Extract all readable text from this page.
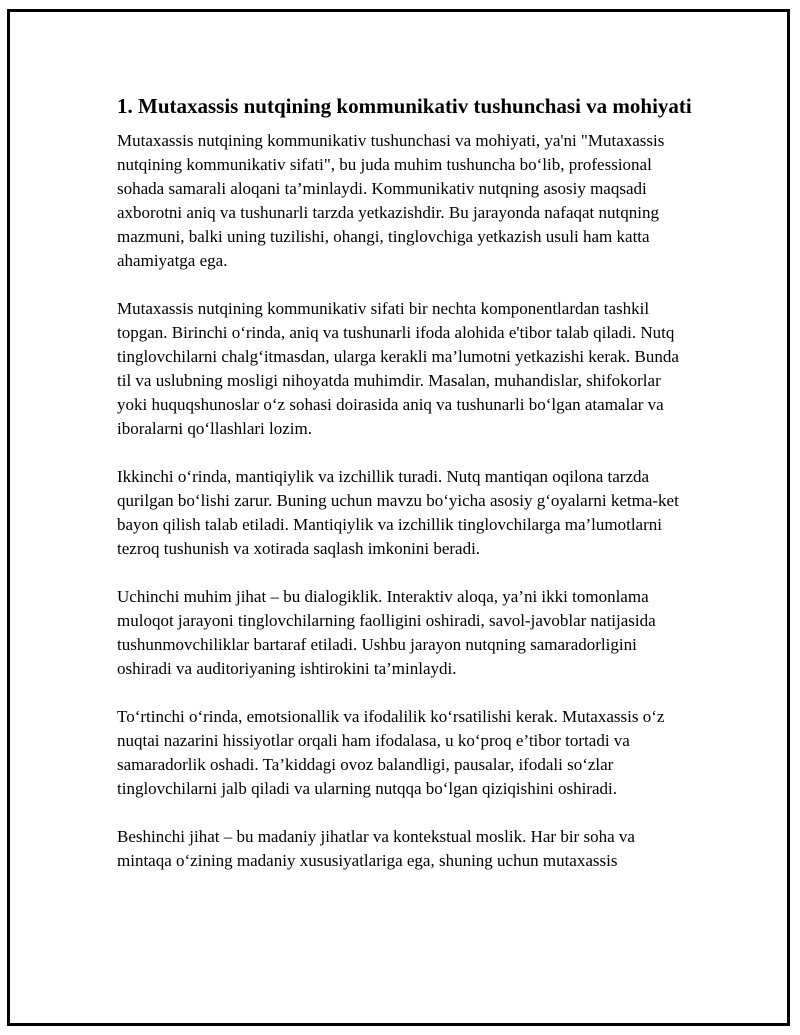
1. Mutaxassis nutqining kommunikativ tushunchasi va mohiyati

Mutaxassis nutqining kommunikativ tushunchasi va mohiyati, ya'ni "Mutaxassis nutqining kommunikativ sifati", bu juda muhim tushuncha bo‘lib, professional sohada samarali aloqani ta’minlaydi. Kommunikativ nutqning asosiy maqsadi axborotni aniq va tushunarli tarzda yetkazishdir. Bu jarayonda nafaqat nutqning mazmuni, balki uning tuzilishi, ohangi, tinglovchiga yetkazish usuli ham katta ahamiyatga ega.

Mutaxassis nutqining kommunikativ sifati bir nechta komponentlardan tashkil topgan. Birinchi o‘rinda, aniq va tushunarli ifoda alohida e'tibor talab qiladi. Nutq tinglovchilarni chalg‘itmasdan, ularga kerakli ma’lumotni yetkazishi kerak. Bunda til va uslubning mosligi nihoyatda muhimdir. Masalan, muhandislar, shifokorlar yoki huquqshunoslar o‘z sohasi doirasida aniq va tushunarli bo‘lgan atamalar va iboralarni qo‘llashlari lozim.

Ikkinchi o‘rinda, mantiqiylik va izchillik turadi. Nutq mantiqan oqilona tarzda qurilgan bo‘lishi zarur. Buning uchun mavzu bo‘yicha asosiy g‘oyalarni ketma-ket bayon qilish talab etiladi. Mantiqiylik va izchillik tinglovchilarga ma’lumotlarni tezroq tushunish va xotirada saqlash imkonini beradi.

Uchinchi muhim jihat – bu dialogiklik. Interaktiv aloqa, ya’ni ikki tomonlama muloqot jarayoni tinglovchilarning faolligini oshiradi, savol-javoblar natijasida tushunmovchiliklar bartaraf etiladi. Ushbu jarayon nutqning samaradorligini oshiradi va auditoriyaning ishtirokini ta’minlaydi.

To‘rtinchi o‘rinda, emotsionallik va ifodalilik ko‘rsatilishi kerak. Mutaxassis o‘z nuqtai nazarini hissiyotlar orqali ham ifodalasa, u ko‘proq e’tibor tortadi va samaradorlik oshadi. Ta’kiddagi ovoz balandligi, pausalar, ifodali so‘zlar tinglovchilarni jalb qiladi va ularning nutqqa bo‘lgan qiziqishini oshiradi.

Beshinchi jihat – bu madaniy jihatlar va kontekstual moslik. Har bir soha va mintaqa o‘zining madaniy xususiyatlariga ega, shuning uchun mutaxassis
